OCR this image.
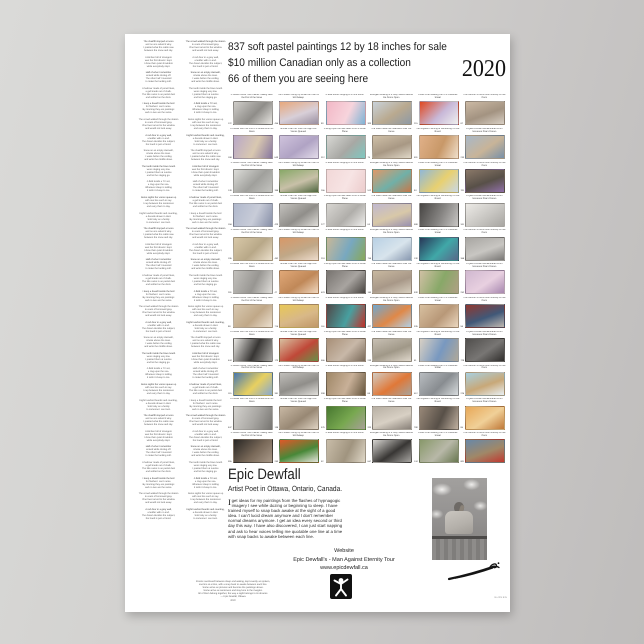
The chairlift stopped at noon
and no one asked it why.
I painted what the cable saw
between the snow and sky.
A kitchen full of strangers
was the first dream I kept.
I drew their quiet shoulders
while everybody slept.
Half of what I remember
arrived while dozing off.
The other half I invented
to make the landing soft.
A harbour made of pencil lines,
a gull made out of chalk.
The tide came in as pastel dust
and settled on the dock.
I keep a board beside the bed
for flashes I can't name.
By morning they are paintings
and no two are the same.
The crowd walked through the station
in coats of borrowed grey.
One face turned to the window
and would not look away.
A red door in a grey wall,
a ladder with no end.
The dream decides the subject,
the hand is just a friend.
Snow on an empty stairwell,
smoke above the town.
I wake before the ending
and write the middle down.
The teeth inside the blue mouth
were singing very low.
I painted them at sunrise
and let the singing go.
A field inside a TV set,
a ring upon the sea.
Whatever sleep is selling
it sells it cheap to me.
Some nights the voices queue up
with one line each to say.
I nap between the sentences
and carry them to day.
Eight hundred boards and counting,
a decade drawn in dust.
Sold only as a family
to someone I can trust.
The chairlift stopped at noon
and no one asked it why.
I painted what the cable saw
between the snow and sky.
A kitchen full of strangers
was the first dream I kept.
I drew their quiet shoulders
while everybody slept.
Half of what I remember
arrived while dozing off.
The other half I invented
to make the landing soft.
A harbour made of pencil lines,
a gull made out of chalk.
The tide came in as pastel dust
and settled on the dock.
I keep a board beside the bed
for flashes I can't name.
By morning they are paintings
and no two are the same.
The crowd walked through the station
in coats of borrowed grey.
One face turned to the window
and would not look away.
A red door in a grey wall,
a ladder with no end.
The dream decides the subject,
the hand is just a friend.
Snow on an empty stairwell,
smoke above the town.
I wake before the ending
and write the middle down.
The teeth inside the blue mouth
were singing very low.
I painted them at sunrise
and let the singing go.
A field inside a TV set,
a ring upon the sea.
Whatever sleep is selling
it sells it cheap to me.
Some nights the voices queue up
with one line each to say.
I nap between the sentences
and carry them to day.
Eight hundred boards and counting,
a decade drawn in dust.
Sold only as a family
to someone I can trust.
The chairlift stopped at noon
and no one asked it why.
I painted what the cable saw
between the snow and sky.
A kitchen full of strangers
was the first dream I kept.
I drew their quiet shoulders
while everybody slept.
Half of what I remember
arrived while dozing off.
The other half I invented
to make the landing soft.
A harbour made of pencil lines,
a gull made out of chalk.
The tide came in as pastel dust
and settled on the dock.
I keep a board beside the bed
for flashes I can't name.
By morning they are paintings
and no two are the same.
The crowd walked through the station
in coats of borrowed grey.
One face turned to the window
and would not look away.
A red door in a grey wall,
a ladder with no end.
The dream decides the subject,
the hand is just a friend.
The crowd walked through the station
in coats of borrowed grey.
One face turned to the window
and would not look away.
A red door in a grey wall,
a ladder with no end.
The dream decides the subject,
the hand is just a friend.
Snow on an empty stairwell,
smoke above the town.
I wake before the ending
and write the middle down.
The teeth inside the blue mouth
were singing very low.
I painted them at sunrise
and let the singing go.
A field inside a TV set,
a ring upon the sea.
Whatever sleep is selling
it sells it cheap to me.
Some nights the voices queue up
with one line each to say.
I nap between the sentences
and carry them to day.
Eight hundred boards and counting,
a decade drawn in dust.
Sold only as a family
to someone I can trust.
The chairlift stopped at noon
and no one asked it why.
I painted what the cable saw
between the snow and sky.
A kitchen full of strangers
was the first dream I kept.
I drew their quiet shoulders
while everybody slept.
Half of what I remember
arrived while dozing off.
The other half I invented
to make the landing soft.
A harbour made of pencil lines,
a gull made out of chalk.
The tide came in as pastel dust
and settled on the dock.
I keep a board beside the bed
for flashes I can't name.
By morning they are paintings
and no two are the same.
The crowd walked through the station
in coats of borrowed grey.
One face turned to the window
and would not look away.
A red door in a grey wall,
a ladder with no end.
The dream decides the subject,
the hand is just a friend.
Snow on an empty stairwell,
smoke above the town.
I wake before the ending
and write the middle down.
The teeth inside the blue mouth
were singing very low.
I painted them at sunrise
and let the singing go.
A field inside a TV set,
a ring upon the sea.
Whatever sleep is selling
it sells it cheap to me.
Some nights the voices queue up
with one line each to say.
I nap between the sentences
and carry them to day.
Eight hundred boards and counting,
a decade drawn in dust.
Sold only as a family
to someone I can trust.
The chairlift stopped at noon
and no one asked it why.
I painted what the cable saw
between the snow and sky.
A kitchen full of strangers
was the first dream I kept.
I drew their quiet shoulders
while everybody slept.
Half of what I remember
arrived while dozing off.
The other half I invented
to make the landing soft.
A harbour made of pencil lines,
a gull made out of chalk.
The tide came in as pastel dust
and settled on the dock.
I keep a board beside the bed
for flashes I can't name.
By morning they are paintings
and no two are the same.
The crowd walked through the station
in coats of borrowed grey.
One face turned to the window
and would not look away.
A red door in a grey wall,
a ladder with no end.
The dream decides the subject,
the hand is just a friend.
Snow on an empty stairwell,
smoke above the town.
I wake before the ending
and write the middle down.
The teeth inside the blue mouth
were singing very low.
I painted them at sunrise
and let the singing go.
A field inside a TV set,
a ring upon the sea.
Whatever sleep is selling
it sells it cheap to me.
Some nights the voices queue up
with one line each to say.
I nap between the sentences
and carry them to day.
Eight hundred boards and counting,
a decade drawn in dust.
Sold only as a family
to someone I can trust.
Poems overheard between sleep and waking, kept exactly as spoken,
one line at a time, with a snap back to awake between each line.
Some arrive as pictures and become the paintings above.
Some arrive as sentences and stay here in the margins.
All of them belong together, the way a night belongs to its dreams.
— Epic Dewfall, Ottawa
2020
837 soft pastel paintings 12 by 18 inches for sale
$10 million Canadian only as a collection
66 of them you are seeing here	2020
A Dream About Two Friends Talking Near the End of the Snow
122
The Chairlift Going Up While the Town Is Still Asleep
456
A Blue Mouth Singing in a Pink Room
90
Strangers Waiting in a Grey Station Before the Doors Open
303
A Red Coat Walking Out of a Lavender Street
215
The Harbour at Noon With Nobody on the Dock
87
A Ladder With No End in a House With No Stairs
198
Smoke Over the Town the Night the Voices Queued
640
A Ring Upon the Sea Seen From a Small Plane
312
The Field Inside the Television After the Game
75
Two Figures Pointing at Something Off the Board
501
A Quiet Kitchen Remembered From Someone Else's Dream
233
A Dream About Two Friends Talking Near the End of the Snow
149
The Chairlift Going Up While the Town Is Still Asleep
388
A Blue Mouth Singing in a Pink Room
266
Strangers Waiting in a Grey Station Before the Doors Open
512
A Red Coat Walking Out of a Lavender Street
94
The Harbour at Noon With Nobody on the Dock
701
A Ladder With No End in a House With No Stairs
158
Smoke Over the Town the Night the Voices Queued
420
A Ring Upon the Sea Seen From a Small Plane
277
The Field Inside the Television After the Game
63
Two Figures Pointing at Something Off the Board
599
A Quiet Kitchen Remembered From Someone Else's Dream
341
A Dream About Two Friends Talking Near the End of the Snow
106
The Chairlift Going Up While the Town Is Still Asleep
482
A Blue Mouth Singing in a Pink Room
219
Strangers Waiting in a Grey Station Before the Doors Open
755
A Red Coat Walking Out of a Lavender Street
130
The Harbour at Noon With Nobody on the Dock
368
A Ladder With No End in a House With No Stairs
291
Smoke Over the Town the Night the Voices Queued
47
A Ring Upon the Sea Seen From a Small Plane
623
The Field Inside the Television After the Game
184
Two Figures Pointing at Something Off the Board
530
A Quiet Kitchen Remembered From Someone Else's Dream
252
A Dream About Two Friends Talking Near the End of the Snow
99
The Chairlift Going Up While the Town Is Still Asleep
716
A Blue Mouth Singing in a Pink Room
161
Strangers Waiting in a Grey Station Before the Doors Open
407
A Red Coat Walking Out of a Lavender Street
335
The Harbour at Noon With Nobody on the Dock
58
A Ladder With No End in a House With No Stairs
644
Smoke Over the Town the Night the Voices Queued
173
A Ring Upon the Sea Seen From a Small Plane
566
The Field Inside the Television After the Game
240
Two Figures Pointing at Something Off the Board
81
A Quiet Kitchen Remembered From Someone Else's Dream
729
A Dream About Two Friends Talking Near the End of the Snow
115
The Chairlift Going Up While the Town Is Still Asleep
391
A Blue Mouth Singing in a Pink Room
308
Strangers Waiting in a Grey Station Before the Doors Open
69
A Red Coat Walking Out of a Lavender Street
612
The Harbour at Noon With Nobody on the Dock
226
A Ladder With No End in a House With No Stairs
547
Smoke Over the Town the Night the Voices Queued
138
A Ring Upon the Sea Seen From a Small Plane
476
The Field Inside the Television After the Game
203
Two Figures Pointing at Something Off the Board
790
A Quiet Kitchen Remembered From Someone Else's Dream
96
A Dream About Two Friends Talking Near the End of the Snow
355
The Chairlift Going Up While the Town Is Still Asleep
283
A Blue Mouth Singing in a Pink Room
52
Strangers Waiting in a Grey Station Before the Doors Open
667
A Red Coat Walking Out of a Lavender Street
144
The Harbour at Noon With Nobody on the Dock
801
Epic Dewfall
Artist Poet in Ottawa, Ontario, Canada.
Iget ideas for my paintings from the flashes of hypnagogic imagery I see while dozing or beginning to sleep. I have trained myself to snap back awake at the sight of a good idea. I can't lucid dream anymore and I don't remember normal dreams anymore. I get an idea every second or third day this way. I have also discovered, I can just start napping and ask to hear voices telling me quotable one line at a time with snap backs to awake between each line.
Website
Epic Dewfall's - Man Against Eternity Tour
www.epicdewfall.ca
Ga 005 B15
